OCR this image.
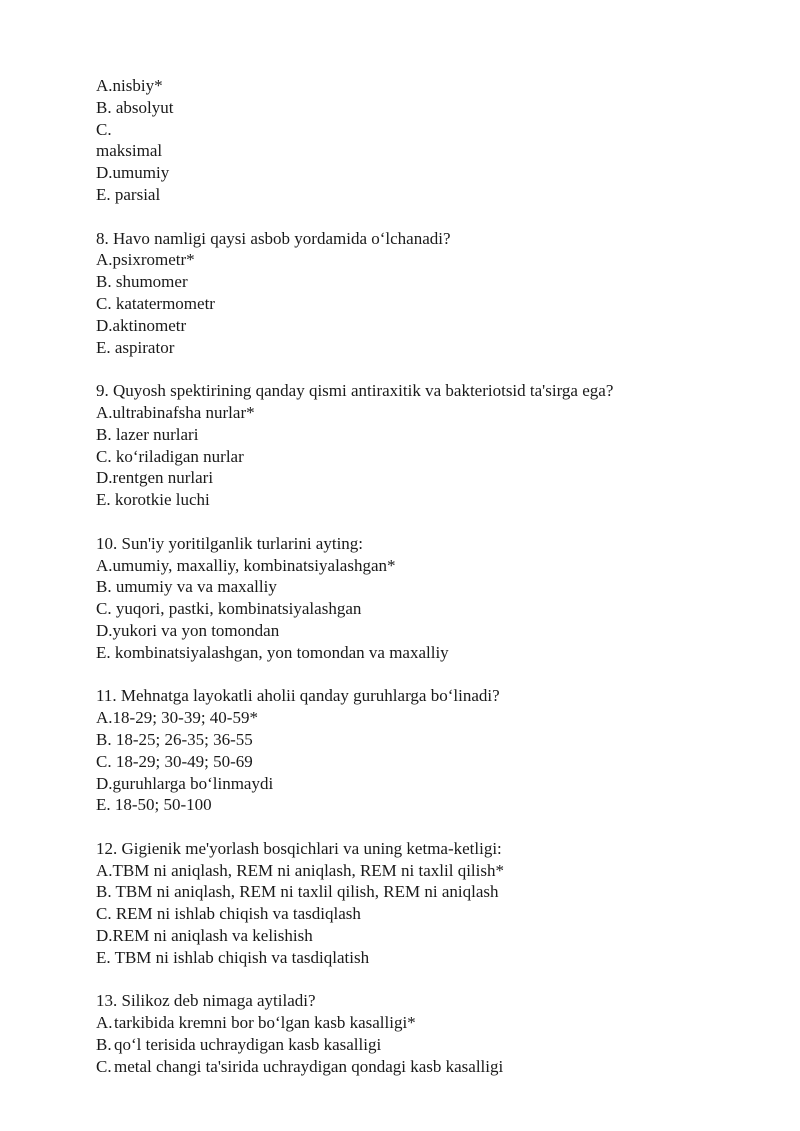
A.nisbiy*
B. absolyut
C.
maksimal
D.umumiy
E. parsial
8. Havo namligi qaysi asbob yordamida o‘lchanadi?
A.psixrometr*
B. shumomer
C. katatermometr
D.aktinometr
E. aspirator
9. Quyosh spektirining qanday qismi antiraxitik va bakteriotsid ta'sirga ega?
A.ultrabinafsha nurlar*
B. lazer nurlari
C. ko‘riladigan nurlar
D.rentgen nurlari
E. korotkie luchi
10. Sun'iy yoritilganlik turlarini ayting:
A.umumiy, maxalliy, kombinatsiyalashgan*
B. umumiy va va maxalliy
C. yuqori, pastki, kombinatsiyalashgan
D.yukori va yon tomondan
E. kombinatsiyalashgan, yon tomondan va maxalliy
11. Mehnatga layokatli aholii qanday guruhlarga bo‘linadi?
A.18-29; 30-39; 40-59*
B. 18-25; 26-35; 36-55
C. 18-29; 30-49; 50-69
D.guruhlarga bo‘linmaydi
E. 18-50; 50-100
12. Gigienik me'yorlash bosqichlari va uning ketma-ketligi:
A.TBM ni aniqlash, REM ni aniqlash, REM ni taxlil qilish*
B. TBM ni aniqlash, REM ni taxlil qilish, REM ni aniqlash
C. REM ni ishlab chiqish va tasdiqlash
D.REM ni aniqlash va kelishish
E. TBM ni ishlab chiqish va tasdiqlatish
13. Silikoz deb nimaga aytiladi?
A. tarkibida kremni bor bo‘lgan kasb kasalligi*
B. qo‘l terisida uchraydigan kasb kasalligi
C. metal changi ta'sirida uchraydigan qondagi kasb kasalligi
